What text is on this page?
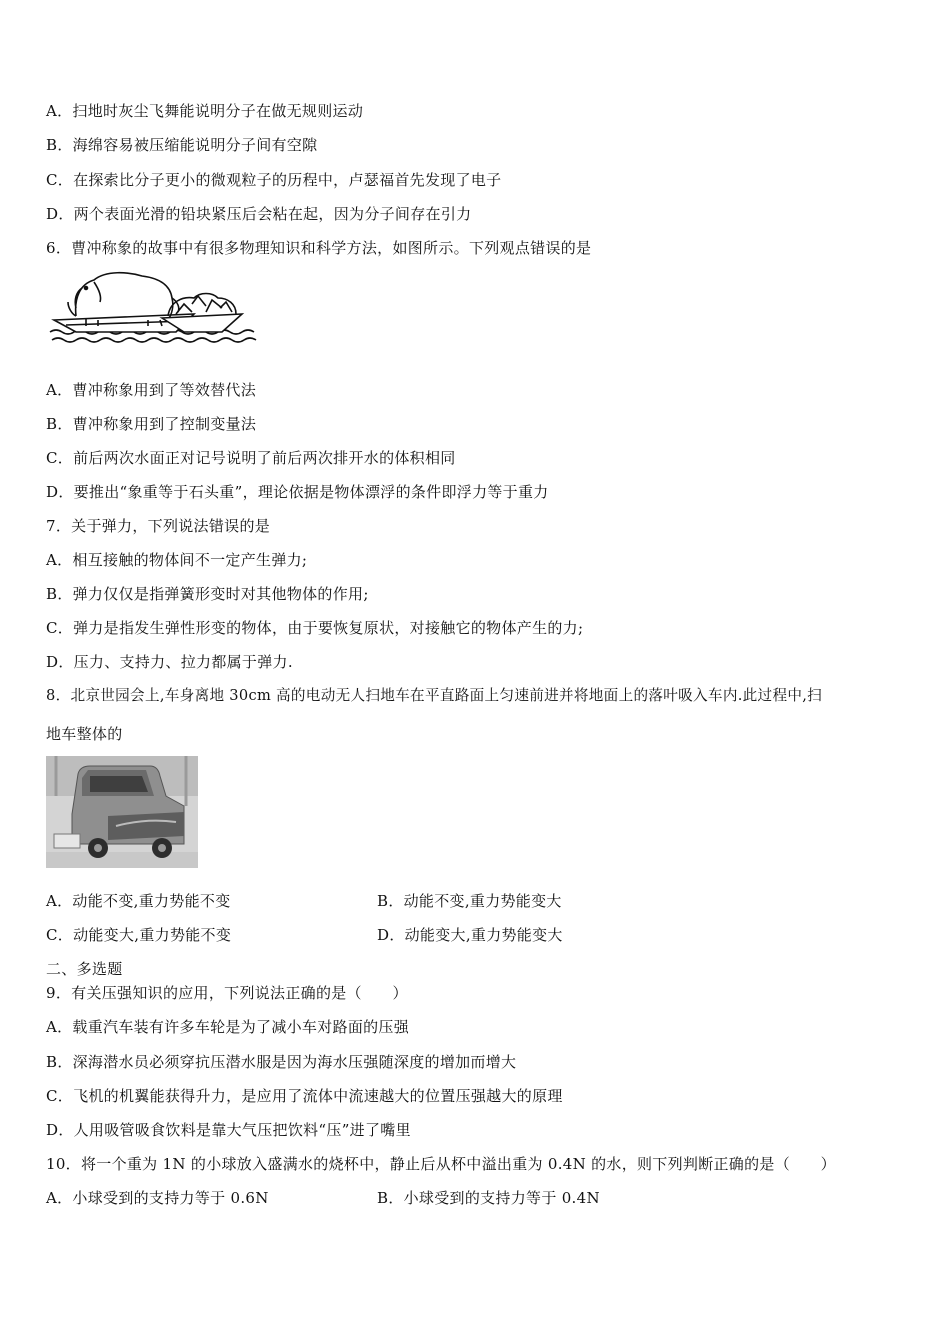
A．扫地时灰尘飞舞能说明分子在做无规则运动
B．海绵容易被压缩能说明分子间有空隙
C．在探索比分子更小的微观粒子的历程中，卢瑟福首先发现了电子
D．两个表面光滑的铅块紧压后会粘在起，因为分子间存在引力
6．曹冲称象的故事中有很多物理知识和科学方法，如图所示。下列观点错误的是
A．曹冲称象用到了等效替代法
B．曹冲称象用到了控制变量法
C．前后两次水面正对记号说明了前后两次排开水的体积相同
D．要推出“象重等于石头重”，理论依据是物体漂浮的条件即浮力等于重力
7．关于弹力，下列说法错误的是
A．相互接触的物体间不一定产生弹力;
B．弹力仅仅是指弹簧形变时对其他物体的作用;
C．弹力是指发生弹性形变的物体，由于要恢复原状，对接触它的物体产生的力;
D．压力、支持力、拉力都属于弹力.
8．北京世园会上,车身离地 30cm 高的电动无人扫地车在平直路面上匀速前进并将地面上的落叶吸入车内.此过程中,扫
地车整体的
A．动能不变,重力势能不变	B．动能不变,重力势能变大
C．动能变大,重力势能不变	D．动能变大,重力势能变大
二、多选题
9．有关压强知识的应用，下列说法正确的是（　　）
A．载重汽车装有许多车轮是为了减小车对路面的压强
B．深海潜水员必须穿抗压潜水服是因为海水压强随深度的增加而增大
C．飞机的机翼能获得升力，是应用了流体中流速越大的位置压强越大的原理
D．人用吸管吸食饮料是靠大气压把饮料“压”进了嘴里
10．将一个重为 1N 的小球放入盛满水的烧杯中，静止后从杯中溢出重为 0.4N 的水，则下列判断正确的是（　　）
A．小球受到的支持力等于 0.6N	B．小球受到的支持力等于 0.4N
